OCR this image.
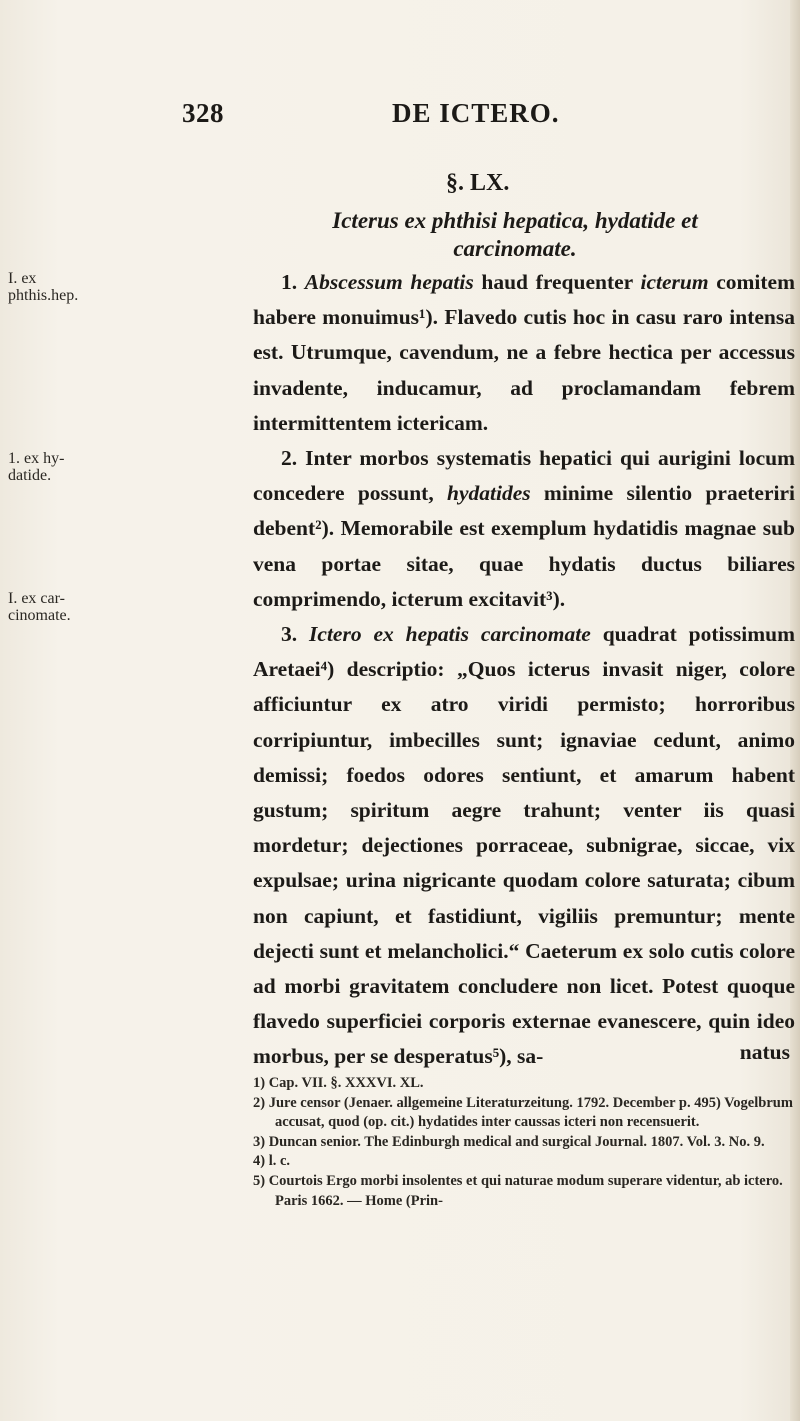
328	DE ICTERO.
§. LX.
Icterus ex phthisi hepatica, hydatide et
carcinomate.
I. ex
phthis.hep.
1. ex hy-
datide.
I. ex car-
cinomate.

1. Abscessum hepatis haud frequenter icterum comitem habere monuimus¹). Flavedo cutis hoc in casu raro intensa est. Utrumque, cavendum, ne a febre hectica per accessus invadente, inducamur, ad proclamandam febrem intermittentem ictericam.

2. Inter morbos systematis hepatici qui aurigini locum concedere possunt, hydatides minime silentio praeteriri debent²). Memorabile est exemplum hydatidis magnae sub vena portae sitae, quae hydatis ductus biliares comprimendo, icterum excitavit³).

3. Ictero ex hepatis carcinomate quadrat potissimum Aretaei⁴) descriptio: „Quos icterus invasit niger, colore afficiuntur ex atro viridi permisto; horroribus corripiuntur, imbecilles sunt; ignaviae cedunt, animo demissi; foedos odores sentiunt, et amarum habent gustum; spiritum aegre trahunt; venter iis quasi mordetur; dejectiones porraceae, subnigrae, siccae, vix expulsae; urina nigricante quodam colore saturata; cibum non capiunt, et fastidiunt, vigiliis premuntur; mente dejecti sunt et melancholici.“ Caeterum ex solo cutis colore ad morbi gravitatem concludere non licet. Potest quoque flavedo superficiei corporis externae evanescere, quin ideo morbus, per se desperatus⁵), sa-	natus

1) Cap. VII. §. XXXVI. XL.

2) Jure censor (Jenaer. allgemeine Literaturzeitung. 1792. December p. 495) Vogelbrum accusat, quod (op. cit.) hydatides inter caussas icteri non recensuerit.

3) Duncan senior. The Edinburgh medical and surgical Journal. 1807. Vol. 3. No. 9.

4) l. c.

5) Courtois Ergo morbi insolentes et qui naturae modum superare videntur, ab ictero. Paris 1662. — Home (Prin-
